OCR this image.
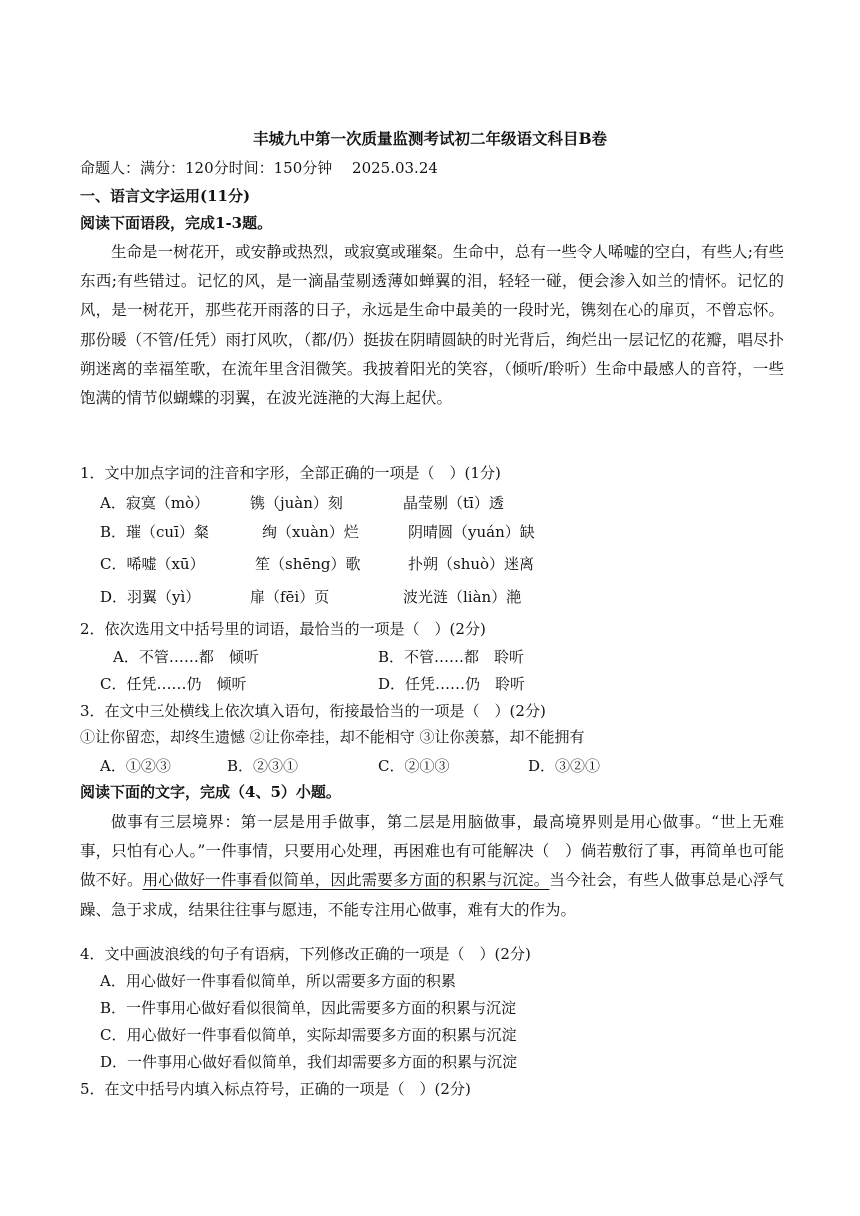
丰城九中第一次质量监测考试初二年级语文科目B卷
命题人：满分：120分时间：150分钟　 2025.03.24
一、语言文字运用(11分)
阅读下面语段，完成1-3题。

生命是一树花开，或安静或热烈，或寂寞或璀粲。生命中，总有一些令人唏嘘的空白，有些人;有些东西;有些错过。记忆的风，是一滴晶莹剔透薄如蝉翼的泪，轻轻一碰，便会渗入如兰的情怀。记忆的风，是一树花开，那些花开雨落的日子，永远是生命中最美的一段时光，镌刻在心的扉页，不曾忘怀。那份暖（不管/任凭）雨打风吹，（都/仍）挺拔在阴晴圆缺的时光背后，绚烂出一层记忆的花瓣，唱尽扑朔迷离的幸福笙歌，在流年里含泪微笑。我披着阳光的笑容，（倾听/聆听）生命中最感人的音符，一些饱满的情节似蝴蝶的羽翼，在波光涟滟的大海上起伏。

1．文中加点字词的注音和字形，全部正确的一项是（　）(1分)
A．寂寞（mò）	镌（juàn）刻	晶莹剔（tī）透
B．璀（cuī）粲	绚（xuàn）烂	阴晴圆（yuán）缺
C．唏嘘（xū）	笙（shēng）歌	扑朔（shuò）迷离
D．羽翼（yì）	扉（fēi）页	波光涟（liàn）滟
2．依次选用文中括号里的词语，最恰当的一项是（　）(2分)
A．不管……都　倾听	B．不管……都　聆听
C．任凭……仍　倾听	D．任凭……仍　聆听
3．在文中三处横线上依次填入语句，衔接最恰当的一项是（　）(2分)
①让你留恋，却终生遗憾 ②让你牵挂，却不能相守 ③让你羡慕，却不能拥有
A．①②③	B．②③①	C．②①③	D．③②①
阅读下面的文字，完成（4、5）小题。

做事有三层境界：第一层是用手做事，第二层是用脑做事，最高境界则是用心做事。“世上无难事，只怕有心人。”一件事情，只要用心处理，再困难也有可能解决（　）倘若敷衍了事，再简单也可能做不好。用心做好一件事看似简单，因此需要多方面的积累与沉淀。当今社会，有些人做事总是心浮气躁、急于求成，结果往往事与愿违，不能专注用心做事，难有大的作为。

4．文中画波浪线的句子有语病，下列修改正确的一项是（　）(2分)
A．用心做好一件事看似简单，所以需要多方面的积累
B．一件事用心做好看似很简单，因此需要多方面的积累与沉淀
C．用心做好一件事看似简单，实际却需要多方面的积累与沉淀
D．一件事用心做好看似简单，我们却需要多方面的积累与沉淀
5．在文中括号内填入标点符号，正确的一项是（　）(2分)
